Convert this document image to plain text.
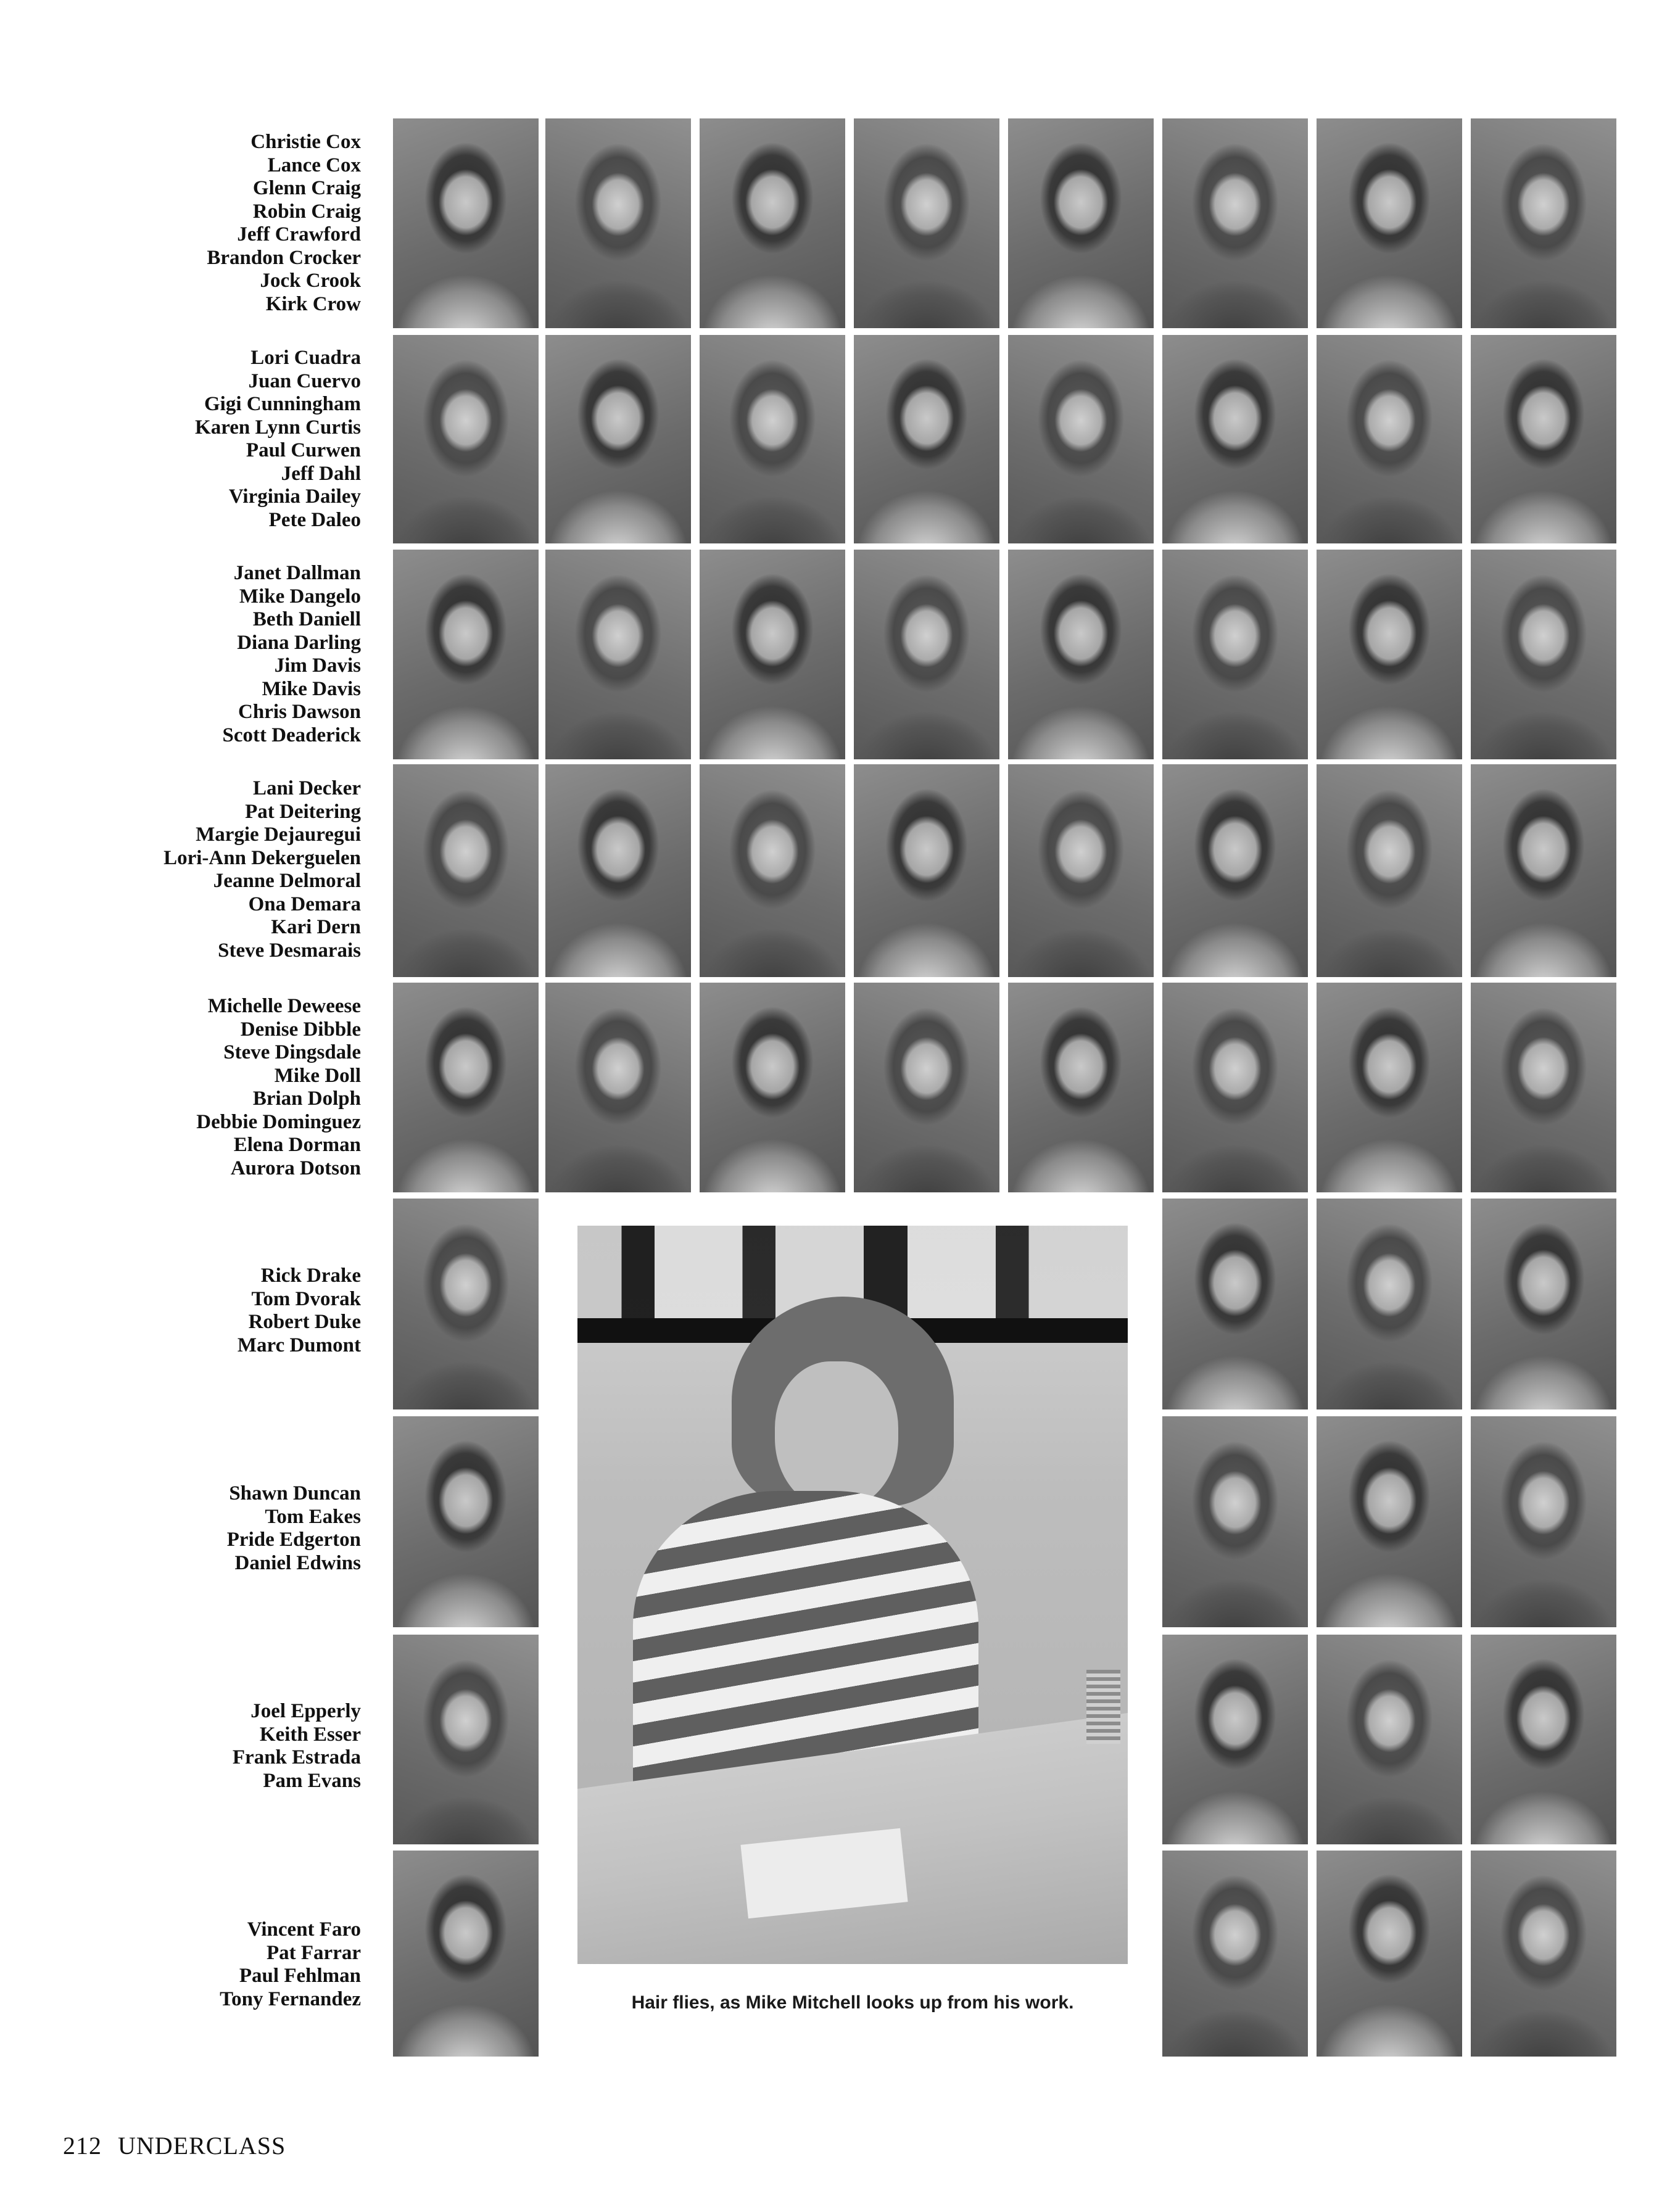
Christie Cox
Lance Cox
Glenn Craig
Robin Craig
Jeff Crawford
Brandon Crocker
Jock Crook
Kirk Crow
Lori Cuadra
Juan Cuervo
Gigi Cunningham
Karen Lynn Curtis
Paul Curwen
Jeff Dahl
Virginia Dailey
Pete Daleo
Janet Dallman
Mike Dangelo
Beth Daniell
Diana Darling
Jim Davis
Mike Davis
Chris Dawson
Scott Deaderick
Lani Decker
Pat Deitering
Margie Dejauregui
Lori-Ann Dekerguelen
Jeanne Delmoral
Ona Demara
Kari Dern
Steve Desmarais
Michelle Deweese
Denise Dibble
Steve Dingsdale
Mike Doll
Brian Dolph
Debbie Dominguez
Elena Dorman
Aurora Dotson
Rick Drake
Tom Dvorak
Robert Duke
Marc Dumont
Shawn Duncan
Tom Eakes
Pride Edgerton
Daniel Edwins
Joel Epperly
Keith Esser
Frank Estrada
Pam Evans
Vincent Faro
Pat Farrar
Paul Fehlman
Tony Fernandez	Hair flies, as Mike Mitchell looks up from his work.
212 UNDERCLASS
